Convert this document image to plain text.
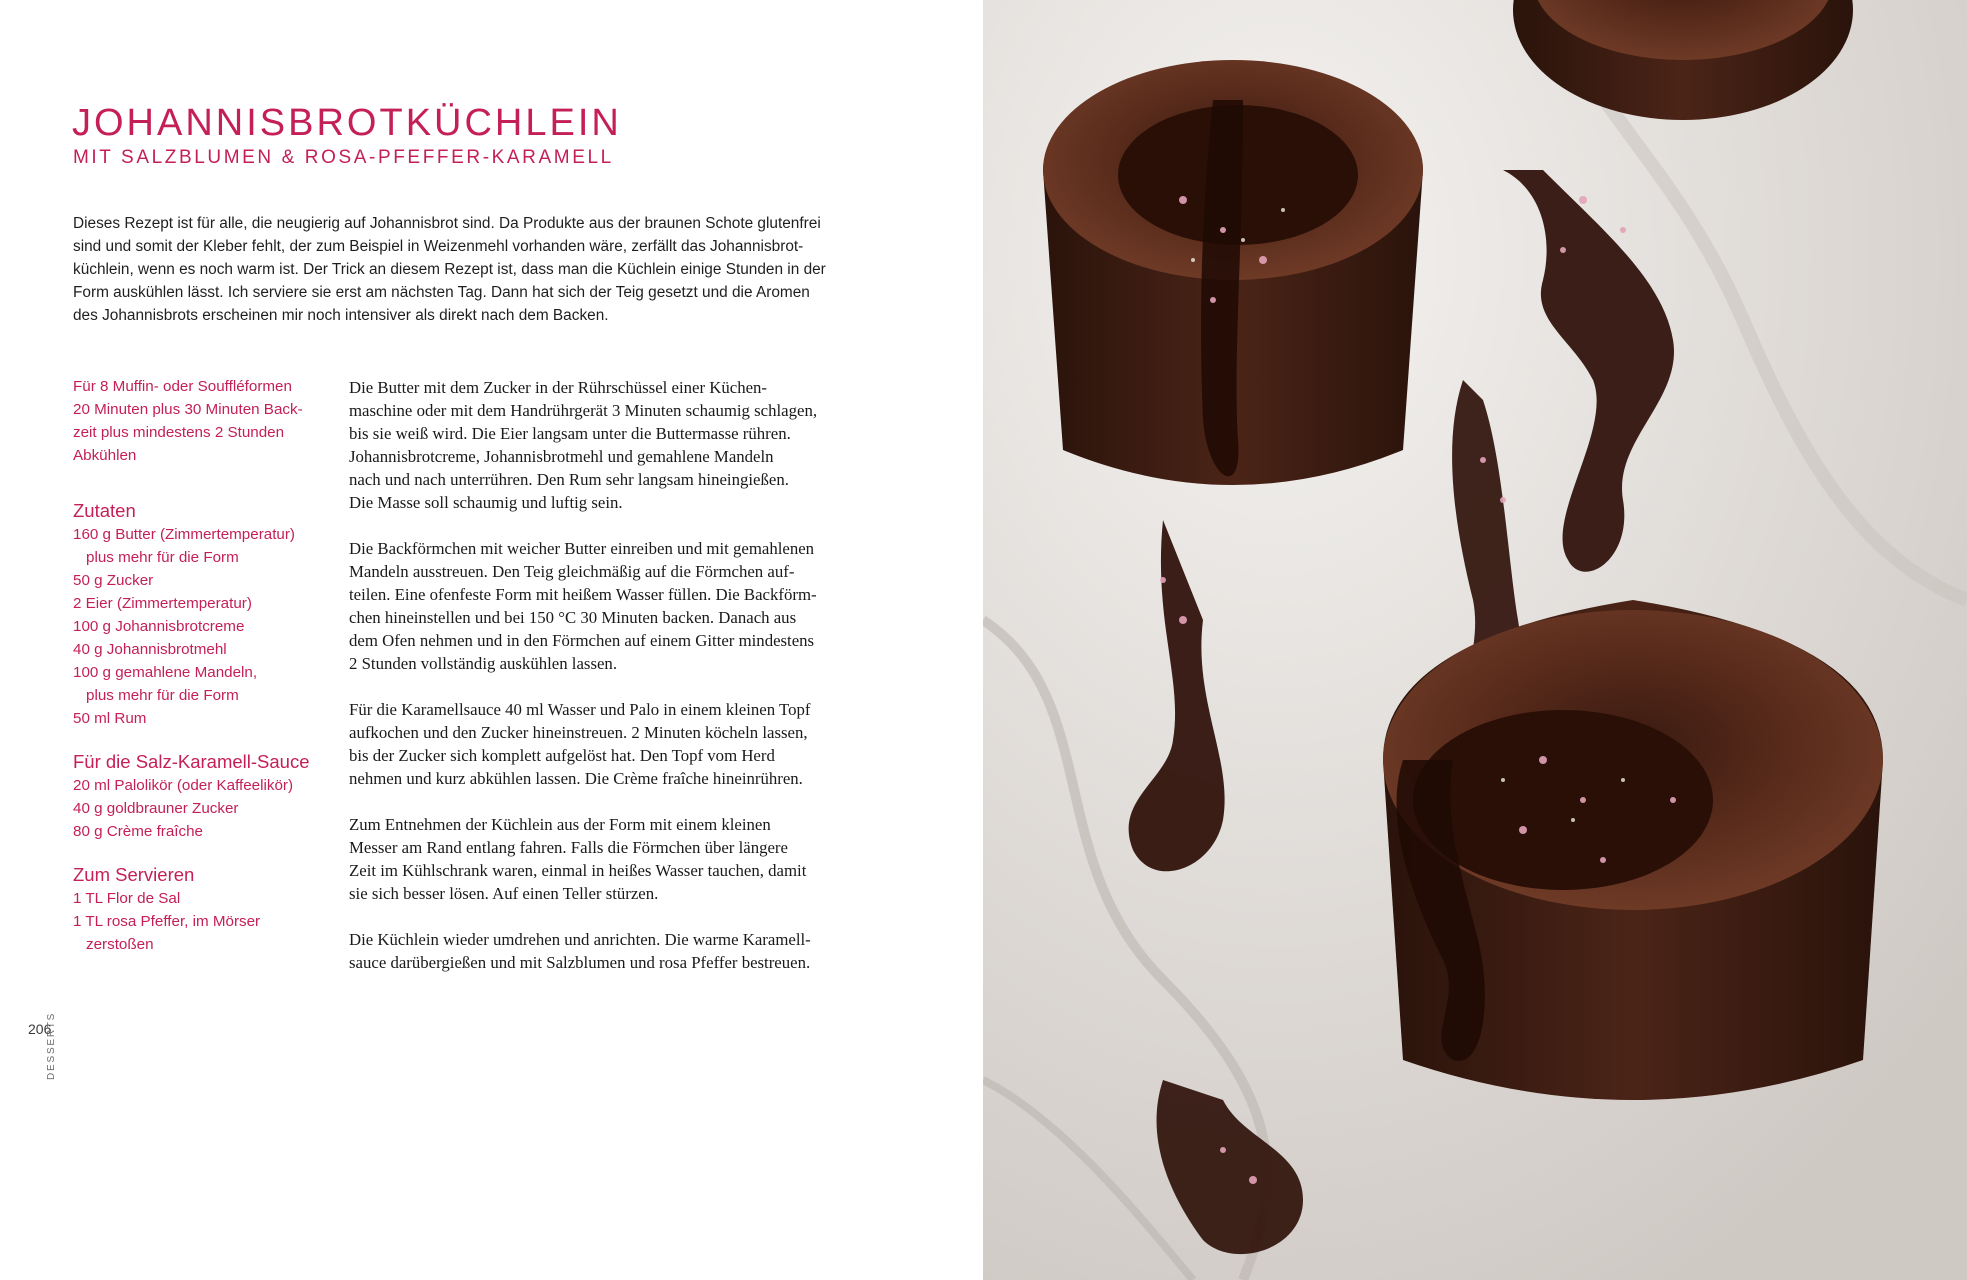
JOHANNISBROTKÜCHLEIN
MIT SALZBLUMEN & ROSA-PFEFFER-KARAMELL
Dieses Rezept ist für alle, die neugierig auf Johannisbrot sind. Da Produkte aus der braunen Schote glutenfrei
sind und somit der Kleber fehlt, der zum Beispiel in Weizenmehl vorhanden wäre, zerfällt das Johannisbrot-
küchlein, wenn es noch warm ist. Der Trick an diesem Rezept ist, dass man die Küchlein einige Stunden in der
Form auskühlen lässt. Ich serviere sie erst am nächsten Tag. Dann hat sich der Teig gesetzt und die Aromen
des Johannisbrots erscheinen mir noch intensiver als direkt nach dem Backen.
Für 8 Muffin- oder Souffléformen
20 Minuten plus 30 Minuten Back-
zeit plus mindestens 2 Stunden
Abkühlen
Zutaten
160 g Butter (Zimmertemperatur)
plus mehr für die Form
50 g Zucker
2 Eier (Zimmertemperatur)
100 g Johannisbrotcreme
40 g Johannisbrotmehl
100 g gemahlene Mandeln,
plus mehr für die Form
50 ml Rum
Für die Salz-Karamell-Sauce
20 ml Palolikör (oder Kaffeelikör)
40 g goldbrauner Zucker
80 g Crème fraîche
Zum Servieren
1 TL Flor de Sal
1 TL rosa Pfeffer, im Mörser
zerstoßen

Die Butter mit dem Zucker in der Rührschüssel einer Küchen-
maschine oder mit dem Handrührgerät 3 Minuten schaumig schlagen,
bis sie weiß wird. Die Eier langsam unter die Buttermasse rühren.
Johannisbrotcreme, Johannisbrotmehl und gemahlene Mandeln
nach und nach unterrühren. Den Rum sehr langsam hineingießen.
Die Masse soll schaumig und luftig sein.

Die Backförmchen mit weicher Butter einreiben und mit gemahlenen
Mandeln ausstreuen. Den Teig gleichmäßig auf die Förmchen auf-
teilen. Eine ofenfeste Form mit heißem Wasser füllen. Die Backförm-
chen hineinstellen und bei 150 °C 30 Minuten backen. Danach aus
dem Ofen nehmen und in den Förmchen auf einem Gitter mindestens
2 Stunden vollständig auskühlen lassen.

Für die Karamellsauce 40 ml Wasser und Palo in einem kleinen Topf
aufkochen und den Zucker hineinstreuen. 2 Minuten köcheln lassen,
bis der Zucker sich komplett aufgelöst hat. Den Topf vom Herd
nehmen und kurz abkühlen lassen. Die Crème fraîche hineinrühren.

Zum Entnehmen der Küchlein aus der Form mit einem kleinen
Messer am Rand entlang fahren. Falls die Förmchen über längere
Zeit im Kühlschrank waren, einmal in heißes Wasser tauchen, damit
sie sich besser lösen. Auf einen Teller stürzen.

Die Küchlein wieder umdrehen und anrichten. Die warme Karamell-
sauce darübergießen und mit Salzblumen und rosa Pfeffer bestreuen.

206
DESSERTS
